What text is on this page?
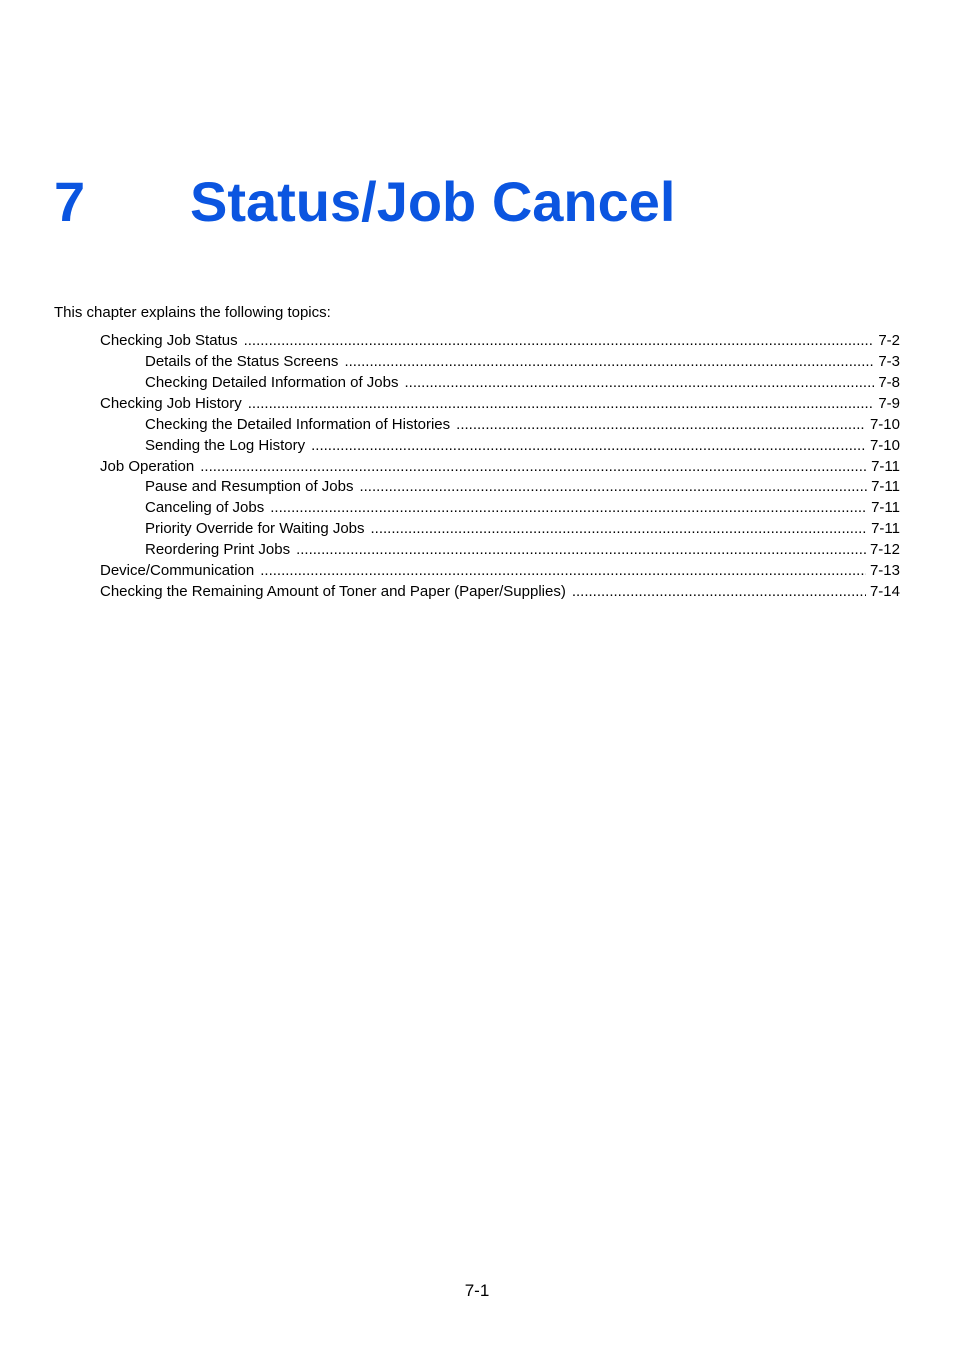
7	Status/Job Cancel
This chapter explains the following topics:
Checking Job Status .....	7-2
Details of the Status Screens .....	7-3
Checking Detailed Information of Jobs .....	7-8
Checking Job History .....	7-9
Checking the Detailed Information of Histories .....	7-10
Sending the Log History .....	7-10
Job Operation .....	7-11
Pause and Resumption of Jobs .....	7-11
Canceling of Jobs .....	7-11
Priority Override for Waiting Jobs .....	7-11
Reordering Print Jobs .....	7-12
Device/Communication .....	7-13
Checking the Remaining Amount of Toner and Paper (Paper/Supplies) .....	7-14
7-1
